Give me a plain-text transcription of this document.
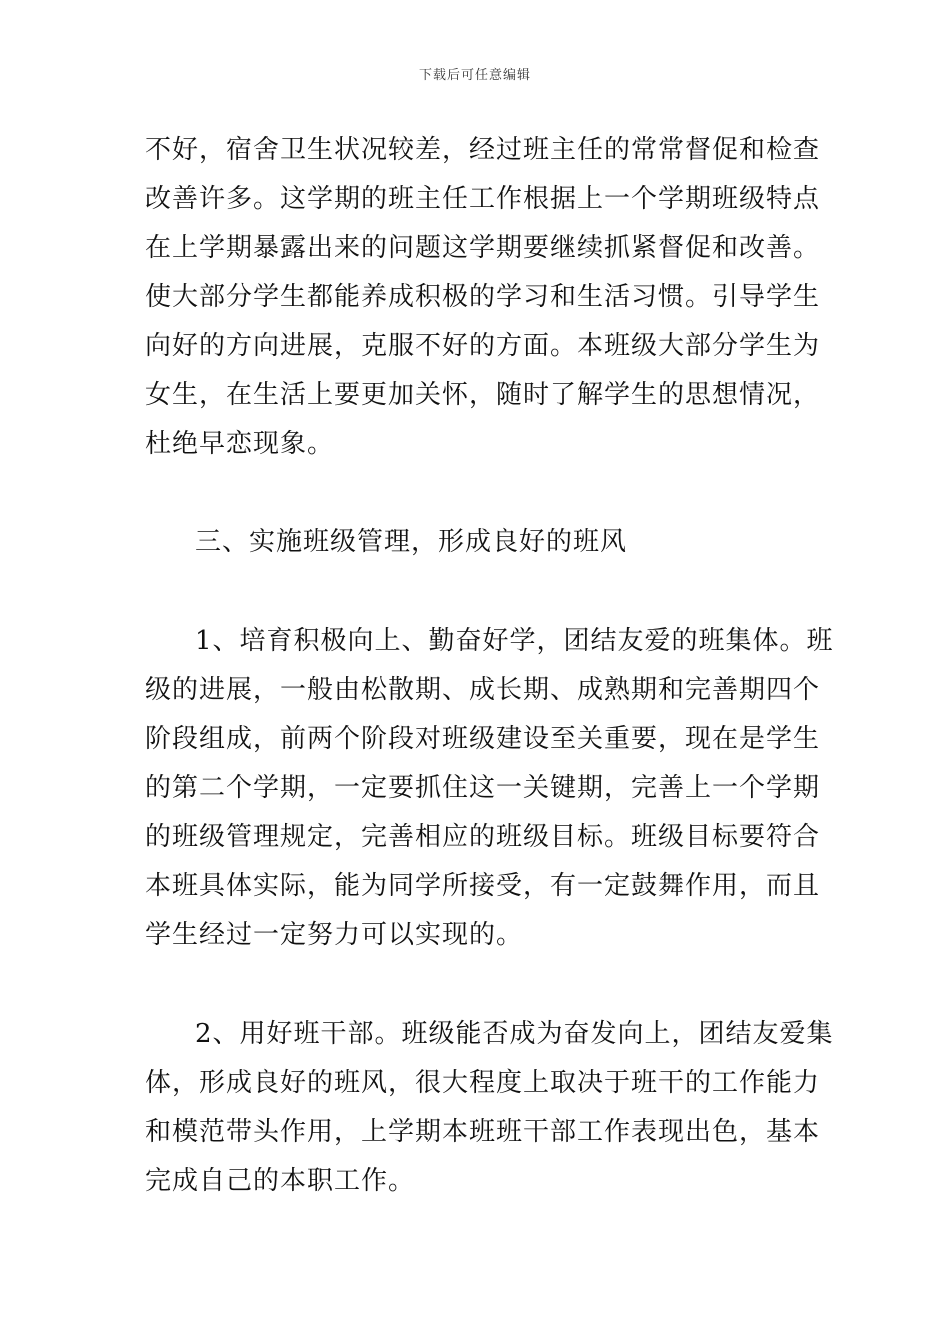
下载后可任意编辑

不好，宿舍卫生状况较差，经过班主任的常常督促和检查

改善许多。这学期的班主任工作根据上一个学期班级特点

在上学期暴露出来的问题这学期要继续抓紧督促和改善。

使大部分学生都能养成积极的学习和生活习惯。引导学生

向好的方向进展，克服不好的方面。本班级大部分学生为

女生，在生活上要更加关怀，随时了解学生的思想情况，

杜绝早恋现象。

三、实施班级管理，形成良好的班风

1、培育积极向上、勤奋好学，团结友爱的班集体。班

级的进展，一般由松散期、成长期、成熟期和完善期四个

阶段组成，前两个阶段对班级建设至关重要，现在是学生

的第二个学期，一定要抓住这一关键期，完善上一个学期

的班级管理规定，完善相应的班级目标。班级目标要符合

本班具体实际，能为同学所接受，有一定鼓舞作用，而且

学生经过一定努力可以实现的。

2、用好班干部。班级能否成为奋发向上，团结友爱集

体，形成良好的班风，很大程度上取决于班干的工作能力

和模范带头作用，上学期本班班干部工作表现出色，基本

完成自己的本职工作。
